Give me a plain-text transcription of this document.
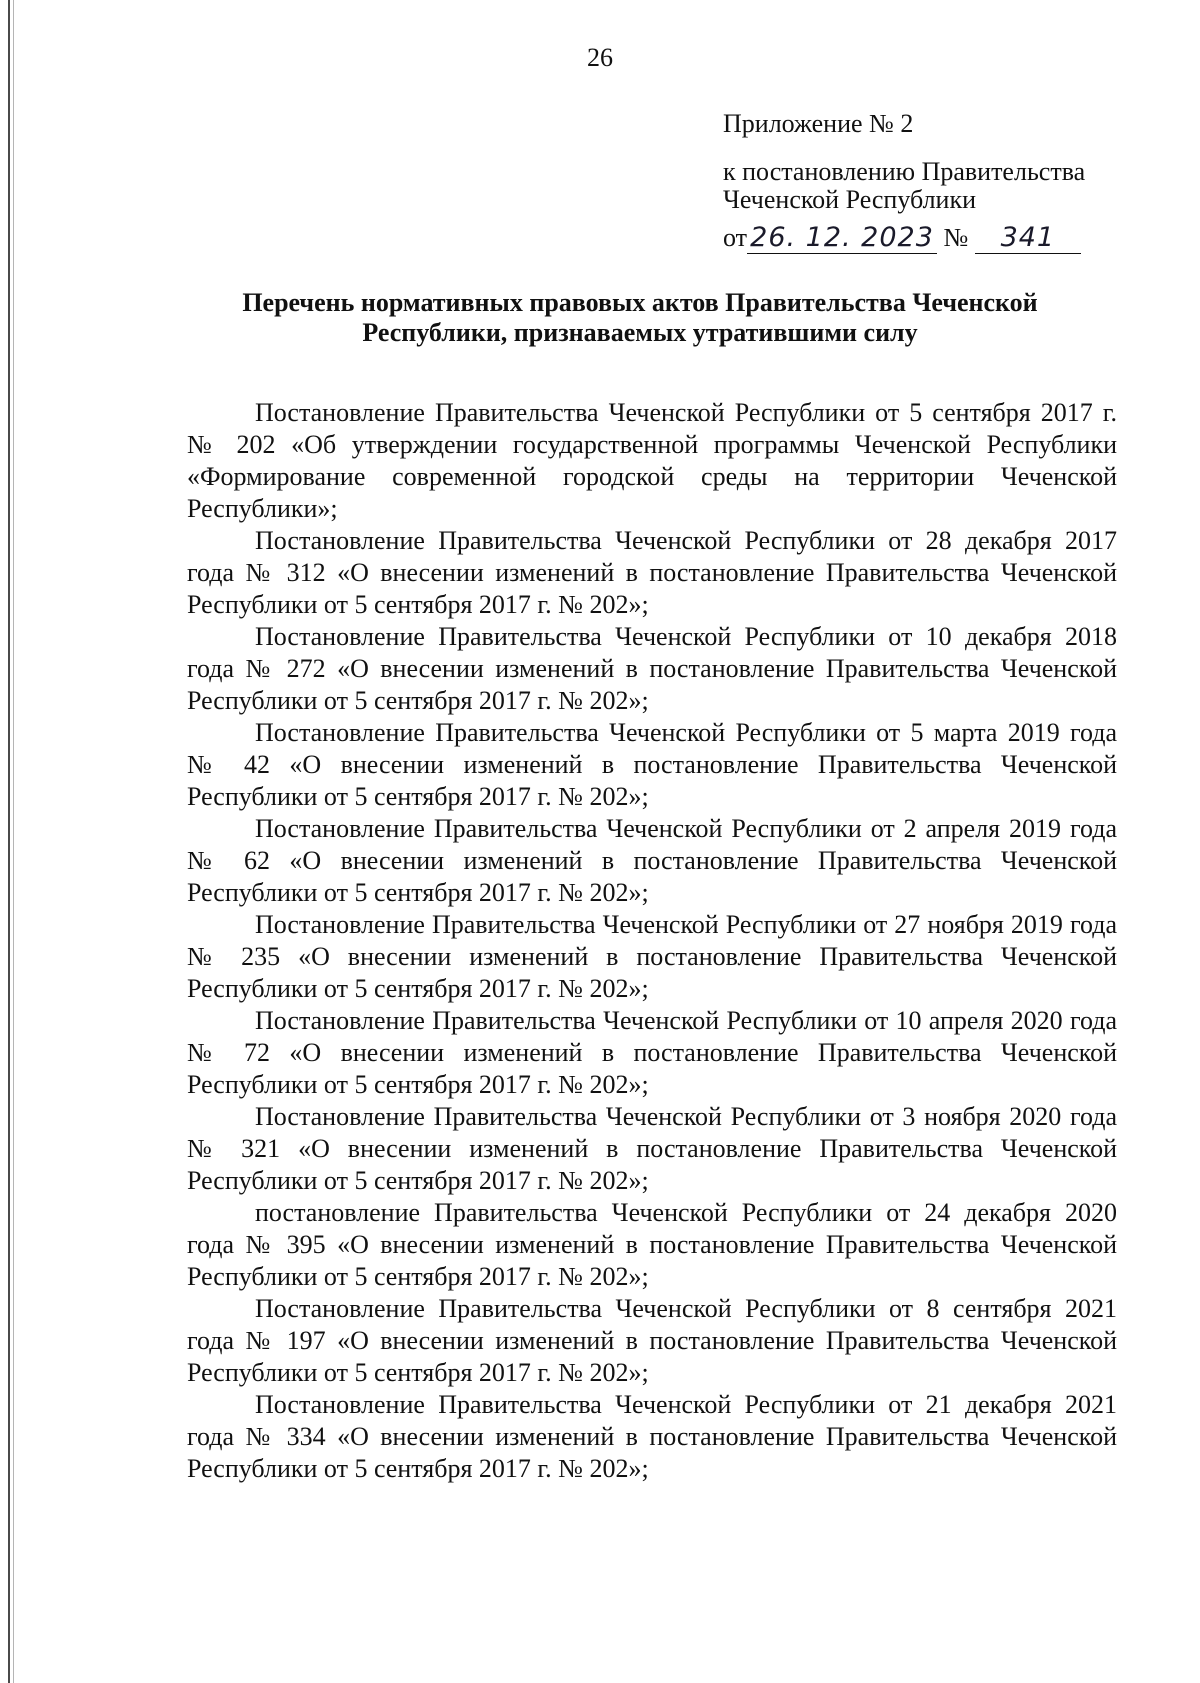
26
Приложение № 2
к постановлению Правительства
Чеченской Республики
от 26. 12. 2023 № 341
Перечень нормативных правовых актов Правительства Чеченской Республики, признаваемых утратившими силу

Постановление Правительства Чеченской Республики от 5 сентября 2017 г. № 202 «Об утверждении государственной программы Чеченской Республики «Формирование современной городской среды на территории Чеченской Республики»;

Постановление Правительства Чеченской Республики от 28 декабря 2017 года № 312 «О внесении изменений в постановление Правительства Чеченской Республики от 5 сентября 2017 г. № 202»;

Постановление Правительства Чеченской Республики от 10 декабря 2018 года № 272 «О внесении изменений в постановление Правительства Чеченской Республики от 5 сентября 2017 г. № 202»;

Постановление Правительства Чеченской Республики от 5 марта 2019 года № 42 «О внесении изменений в постановление Правительства Чеченской Республики от 5 сентября 2017 г. № 202»;

Постановление Правительства Чеченской Республики от 2 апреля 2019 года № 62 «О внесении изменений в постановление Правительства Чеченской Республики от 5 сентября 2017 г. № 202»;

Постановление Правительства Чеченской Республики от 27 ноября 2019 года № 235 «О внесении изменений в постановление Правительства Чеченской Республики от 5 сентября 2017 г. № 202»;

Постановление Правительства Чеченской Республики от 10 апреля 2020 года № 72 «О внесении изменений в постановление Правительства Чеченской Республики от 5 сентября 2017 г. № 202»;

Постановление Правительства Чеченской Республики от 3 ноября 2020 года № 321 «О внесении изменений в постановление Правительства Чеченской Республики от 5 сентября 2017 г. № 202»;

постановление Правительства Чеченской Республики от 24 декабря 2020 года № 395 «О внесении изменений в постановление Правительства Чеченской Республики от 5 сентября 2017 г. № 202»;

Постановление Правительства Чеченской Республики от 8 сентября 2021 года № 197 «О внесении изменений в постановление Правительства Чеченской Республики от 5 сентября 2017 г. № 202»;

Постановление Правительства Чеченской Республики от 21 декабря 2021 года № 334 «О внесении изменений в постановление Правительства Чеченской Республики от 5 сентября 2017 г. № 202»;
